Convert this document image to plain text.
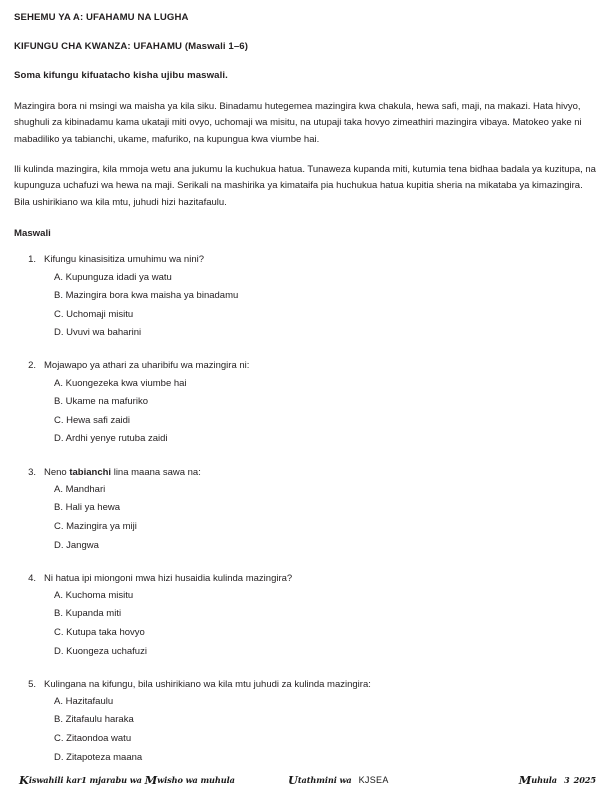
SEHEMU YA A: UFAHAMU NA LUGHA
KIFUNGU CHA KWANZA: UFAHAMU (Maswali 1–6)
Soma kifungu kifuatacho kisha ujibu maswali.

Mazingira bora ni msingi wa maisha ya kila siku. Binadamu hutegemea mazingira kwa chakula, hewa safi, maji, na makazi. Hata hivyo, shughuli za kibinadamu kama ukataji miti ovyo, uchomaji wa misitu, na utupaji taka hovyo zimeathiri mazingira vibaya. Matokeo yake ni mabadiliko ya tabianchi, ukame, mafuriko, na kupungua kwa viumbe hai.

Ili kulinda mazingira, kila mmoja wetu ana jukumu la kuchukua hatua. Tunaweza kupanda miti, kutumia tena bidhaa badala ya kuzitupa, na kupunguza uchafuzi wa hewa na maji. Serikali na mashirika ya kimataifa pia huchukua hatua kupitia sheria na mikataba ya kimazingira. Bila ushirikiano wa kila mtu, juhudi hizi hazitafaulu.

Maswali
1. Kifungu kinasisitiza umuhimu wa nini?
A. Kupunguza idadi ya watu
B. Mazingira bora kwa maisha ya binadamu
C. Uchomaji misitu
D. Uvuvi wa baharini
2. Mojawapo ya athari za uharibifu wa mazingira ni:
A. Kuongezeka kwa viumbe hai
B. Ukame na mafuriko
C. Hewa safi zaidi
D. Ardhi yenye rutuba zaidi
3. Neno tabianchi lina maana sawa na:
A. Mandhari
B. Hali ya hewa
C. Mazingira ya miji
D. Jangwa
4. Ni hatua ipi miongoni mwa hizi husaidia kulinda mazingira?
A. Kuchoma misitu
B. Kupanda miti
C. Kutupa taka hovyo
D. Kuongeza uchafuzi
5. Kulingana na kifungu, bila ushirikiano wa kila mtu juhudi za kulinda mazingira:
A. Hazitafaulu
B. Zitafaulu haraka
C. Zitaondoa watu
D. Zitapoteza maana
Kiswahili kar1 mjarabu wa Mwisho wa muhula	Utathmini wa KJSEA	Muhula 3 2025
